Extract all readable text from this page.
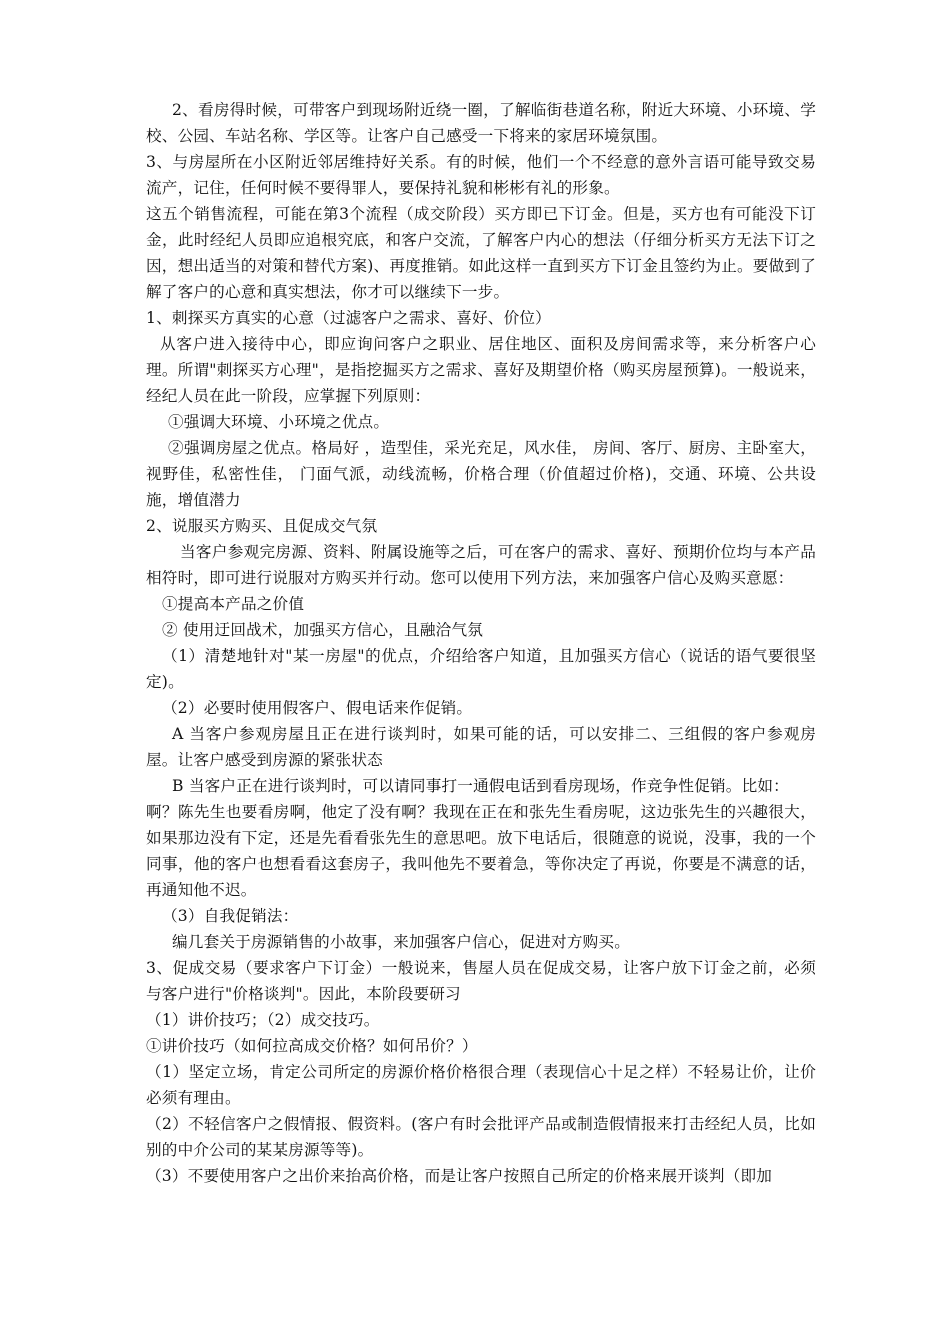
2、看房得时候，可带客户到现场附近绕一圈，了解临街巷道名称，附近大环境、小环境、学校、公园、车站名称、学区等。让客户自己感受一下将来的家居环境氛围。
3、与房屋所在小区附近邻居维持好关系。有的时候，他们一个不经意的意外言语可能导致交易流产，记住，任何时候不要得罪人，要保持礼貌和彬彬有礼的形象。
这五个销售流程，可能在第3个流程（成交阶段）买方即已下订金。但是，买方也有可能没下订金，此时经纪人员即应追根究底，和客户交流，了解客户内心的想法（仔细分析买方无法下订之因，想出适当的对策和替代方案)、再度推销。如此这样一直到买方下订金且签约为止。要做到了解了客户的心意和真实想法，你才可以继续下一步。
1、刺探买方真实的心意（过滤客户之需求、喜好、价位）
从客户进入接待中心，即应询问客户之职业、居住地区、面积及房间需求等，来分析客户心理。所谓"刺探买方心理"，是指挖掘买方之需求、喜好及期望价格（购买房屋预算)。一般说来，经纪人员在此一阶段，应掌握下列原则：
①强调大环境、小环境之优点。
②强调房屋之优点。格局好 ，造型佳，采光充足，风水佳， 房间、客厅、厨房、主卧室大，视野佳，私密性佳， 门面气派，动线流畅，价格合理（价值超过价格)，交通、环境、公共设施，增值潜力
2、说服买方购买、且促成交气氛
当客户参观完房源、资料、附属设施等之后，可在客户的需求、喜好、预期价位均与本产品相符时，即可进行说服对方购买并行动。您可以使用下列方法，来加强客户信心及购买意愿：
①提高本产品之价值
② 使用迂回战术，加强买方信心，且融洽气氛
（1）清楚地针对"某一房屋"的优点，介绍给客户知道，且加强买方信心（说话的语气要很坚定)。
（2）必要时使用假客户、假电话来作促销。
A 当客户参观房屋且正在进行谈判时，如果可能的话，可以安排二、三组假的客户参观房屋。让客户感受到房源的紧张状态
B 当客户正在进行谈判时，可以请同事打一通假电话到看房现场，作竞争性促销。比如：
啊？陈先生也要看房啊，他定了没有啊？我现在正在和张先生看房呢，这边张先生的兴趣很大，如果那边没有下定，还是先看看张先生的意思吧。放下电话后，很随意的说说，没事，我的一个同事，他的客户也想看看这套房子，我叫他先不要着急，等你决定了再说，你要是不满意的话，再通知他不迟。
（3）自我促销法：
编几套关于房源销售的小故事，来加强客户信心，促进对方购买。
3、促成交易（要求客户下订金）一般说来，售屋人员在促成交易，让客户放下订金之前，必须与客户进行"价格谈判"。因此，本阶段要研习
（1）讲价技巧；（2）成交技巧。
①讲价技巧（如何拉高成交价格？如何吊价？）
（1）坚定立场，肯定公司所定的房源价格价格很合理（表现信心十足之样）不轻易让价，让价必须有理由。
（2）不轻信客户之假情报、假资料。(客户有时会批评产品或制造假情报来打击经纪人员，比如别的中介公司的某某房源等等)。
（3）不要使用客户之出价来抬高价格，而是让客户按照自己所定的价格来展开谈判（即加
